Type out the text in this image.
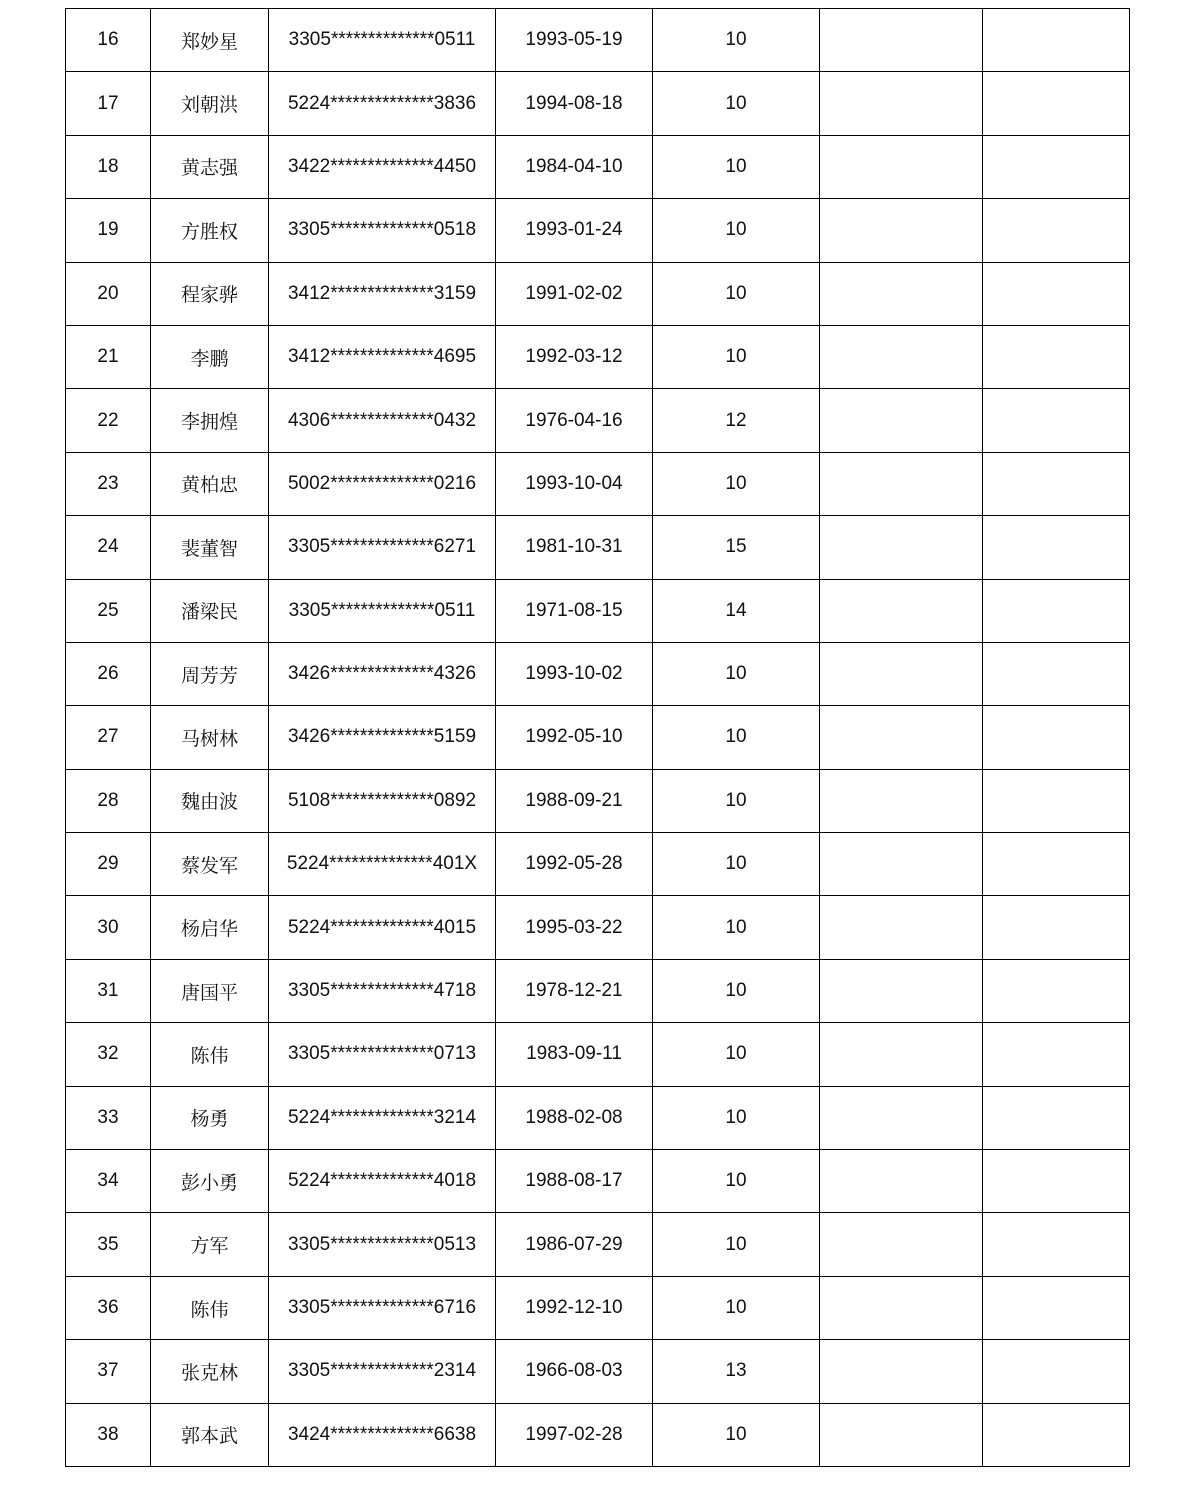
16	郑妙星	3305**************0511	1993-05-19	10		
17	刘朝洪	5224**************3836	1994-08-18	10		
18	黄志强	3422**************4450	1984-04-10	10		
19	方胜权	3305**************0518	1993-01-24	10		
20	程家骅	3412**************3159	1991-02-02	10		
21	李鹏	3412**************4695	1992-03-12	10		
22	李拥煌	4306**************0432	1976-04-16	12		
23	黄柏忠	5002**************0216	1993-10-04	10		
24	裴董智	3305**************6271	1981-10-31	15		
25	潘梁民	3305**************0511	1971-08-15	14		
26	周芳芳	3426**************4326	1993-10-02	10		
27	马树林	3426**************5159	1992-05-10	10		
28	魏由波	5108**************0892	1988-09-21	10		
29	蔡发军	5224**************401X	1992-05-28	10		
30	杨启华	5224**************4015	1995-03-22	10		
31	唐国平	3305**************4718	1978-12-21	10		
32	陈伟	3305**************0713	1983-09-11	10		
33	杨勇	5224**************3214	1988-02-08	10		
34	彭小勇	5224**************4018	1988-08-17	10		
35	方军	3305**************0513	1986-07-29	10		
36	陈伟	3305**************6716	1992-12-10	10		
37	张克林	3305**************2314	1966-08-03	13		
38	郭本武	3424**************6638	1997-02-28	10		
